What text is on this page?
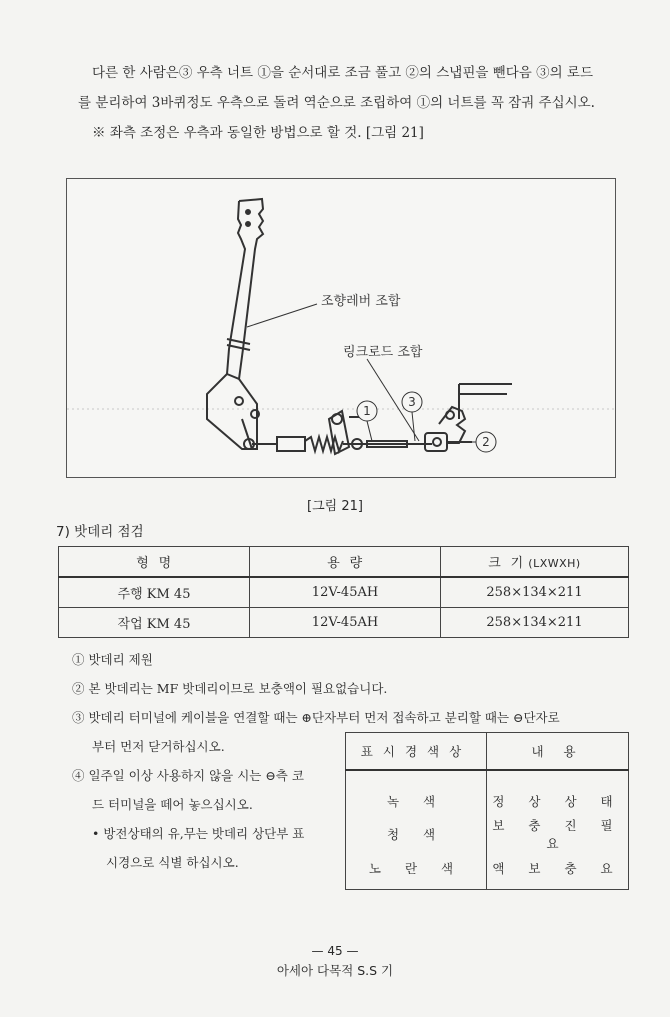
다른 한 사람은③ 우측 너트 ①을 순서대로 조금 풀고 ②의 스냅핀을 뺀다음 ③의 로드
를 분리하여 3바퀴정도 우측으로 돌려 역순으로 조립하여 ①의 너트를 꼭 잠궈 주십시오.
※ 좌측 조정은 우측과 동일한 방법으로 할 것. [그림 21]
1
3
2
조향레버 조합
링크로드 조합
[그림 21]
7) 밧데리 점검
형  명	용  량	크  기 (LXWXH)
주행 KM 45	12V-45AH	258×134×211
작업 KM 45	12V-45AH	258×134×211
① 밧데리 제원
② 본 밧데리는 MF 밧데리이므로 보충액이 필요없습니다.
③ 밧데리 터미널에 케이블을 연결할 때는 ⊕단자부터 먼저 접속하고 분리할 때는 ⊖단자로
부터 먼저 닫거하십시오.
④ 일주일 이상 사용하지 않을 시는 ⊖측 코
드 터미널을 떼어 놓으십시오.
• 방전상태의 유,무는 밧데리 상단부 표
시경으로 식별 하십시오.
표시경색상	내 용
녹 색	정 상 상 태
청 색	보 충 진 필 요
노 란 색	액 보 충 요
— 45 —
아세아 다목적 S.S 기
